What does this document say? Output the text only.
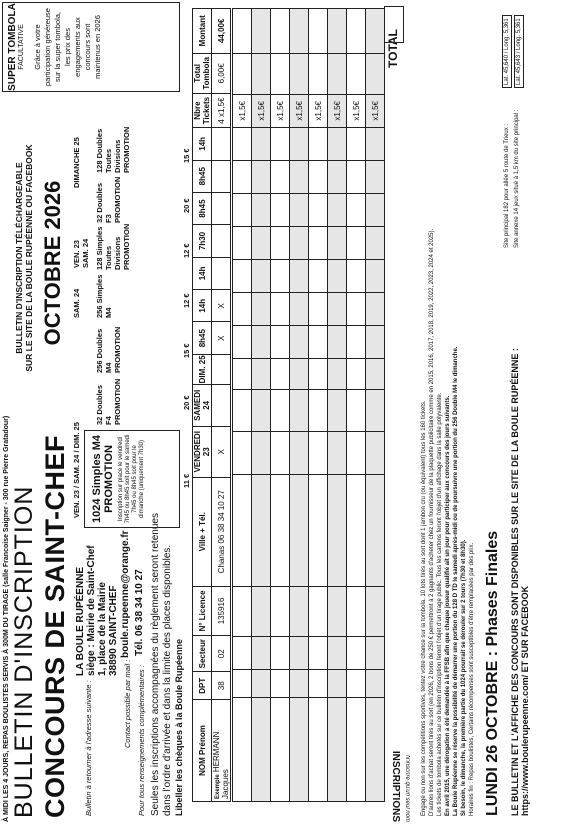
À MIDI LES 4 JOURS, REPAS BOULISTES SERVIS À 300M DU TIRAGE (salle Francoise Saigner - 300 rue Pierre Gratadour) BULLETIN D'INSCRIPTION CONCOURS DE SAINT-CHEF Bulletin à retourner à l'adresse suivante :
LA BOULE RUPÉENNE siège : Mairie de Saint-Chef 1, place de la Mairie 38890 SAINT-CHEF
Contact possible par mail :
boule.rupeenne@orange.fr
Pour tous renseignements complémentaires :
Tél. 06 38 34 10 27 Seules les inscriptions accompagnées du règlement seront retenues dans l'ordre d'arrivée et dans la limite des places disponibles. Libeller les chèques à la Boule Rupéenne
BULLETIN D'INSCRIPTION TÉLÉCHARGEABLE SUR LE SITE DE LA BOULE RUPÉENNE OU FACEBOOK OCTOBRE 2026
SUPER TOMBOLA FACULTATIVE Grâce à votre participation généreuse sur la super tombola, les prix des engagements aux concours sont maintenus en 2026
VEN. 23 / SAM. 24 / DIM. 25
SAM. 24
VEN. 23 SAM. 24
DIMANCHE 25
1024 Simples M4 PROMOTION Inscription sur place le vendredi 7h45 ou 8h45 soit pour le samedi 7h45 ou 8h45 soit pour le dimanche (uniquement 7h30)
32 Doubles F4 PROMOTION
256 Doubles M4 PROMOTION
256 Simples M4
128 Simples Toutes Divisions PROMOTION
32 Doubles F3 PROMOTION
128 Doubles Toutes Divisions PROMOTION
11 €
20 €
15 €
12 €
12 €
20 €
15 €
NOM Prénom	DPT	Secteur	N° Licence	Ville + Tél.	VENDREDI 23	SAMEDI 24	DIM. 25	8h45	14h	14h	7h30	8h45	8h45	14h	Nbre Tickets	Total Tombola	Montant
Exemple HERMANN Jacques	38	02	135916	Chanas 06 38 34 10 27	X			X	X						4 x1,5€	6,00€	44,00€
															x1,5€		
															x1,5€		
															x1,5€		
															x1,5€		
															x1,5€		
															x1,5€		
															x1,5€		
															x1,5€		
INSCRIPTIONS N'inscrire qu'un seul nom
TOTAL
Engagé ou non sur les compétitions sportives, tentez votre chance sur la tombola. 10 lots tirés au sort dont 1 jambon cru (ou équivalent) tous les 160 tickets. D'autres lions d'achat seront tirés au sort (en 2026, 2 bons de 250 € permettront à 2 gagnants d'acheter chez un fournisseur de la plaquette publicitaire comme en 2015, 2016, 2017, 2018, 2019, 2022, 2023, 2024 et 2025). Les tickets de tombola achetés sur ce bulletin d'inscription feront l'objet d'un tirage public. Tous les cartons feront l'objet d'un affichage dans la salle polyvalente. En avril 2015, une dérogation a été demandée à la FFSB afin que chaque joueur qualifié ait un jour pour participer aux concours des jours suivants. La Boule Rupéenne se réserve la possibilité de démarrer une portion du 128 D TD le samedi après-midi ou de poursuivre une portion du 256 Double M4 le dimanche. Si besoin, le dimanche, la première partie du 1024 pourrait se dérouler sur 2 tours (7h30 et 8h30). Horaires fin : Repas boulistes, Certains récompenses sont susceptibles d'être remplacées par des prix. LUNDI 26 OCTOBRE : Phases Finales LE BULLETIN ET L'AFFICHE DES CONCOURS SONT DISPONIBLES SUR LE SITE DE LA BOULE RUPÉENNE : https://www.boulerupeenne.com/ ET SUR FACEBOOK
Site principal 182 pour allée 5 route de Trieux : Site annexe 14 jeux situé à 1,5 km du site principal :
Lat. 45,640 / Long. 5,361	Lat. 45,643 / Long. 5,361
